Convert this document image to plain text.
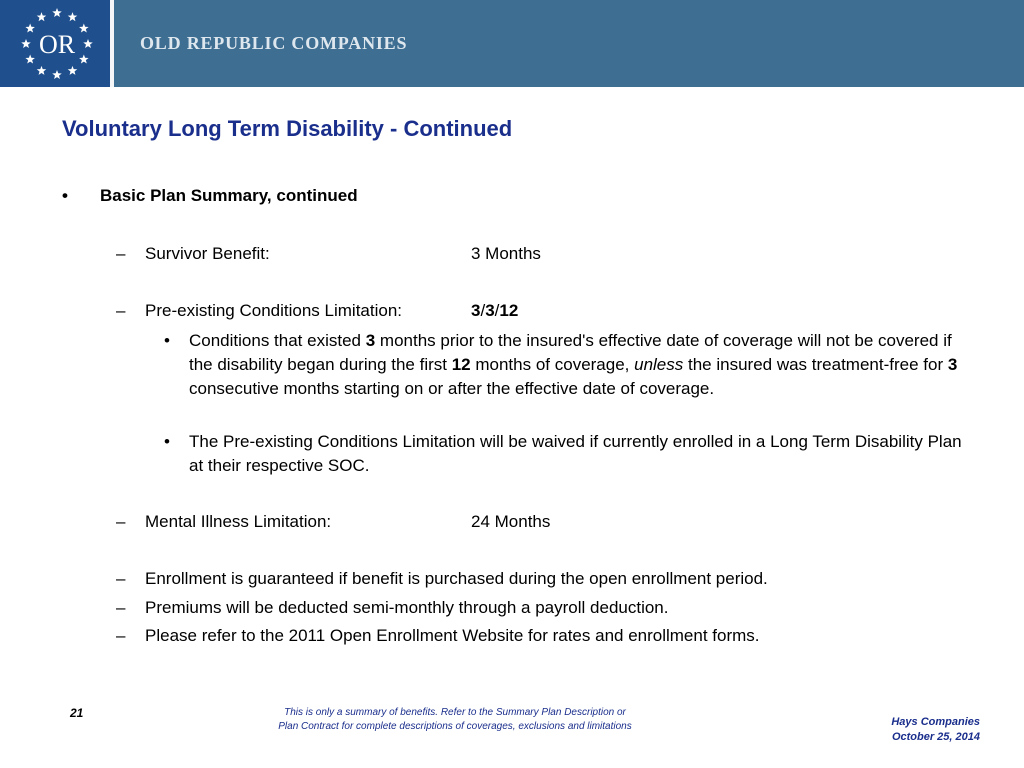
OR	OLD REPUBLIC COMPANIES
Voluntary Long Term Disability - Continued
• Basic Plan Summary, continued
– Survivor Benefit:	3 Months
– Pre-existing Conditions Limitation:	3/3/12
• Conditions that existed 3 months prior to the insured's effective date of coverage will not be covered if the disability began during the first 12 months of coverage, unless the insured was treatment-free for 3 consecutive months starting on or after the effective date of coverage.
• The Pre-existing Conditions Limitation will be waived if currently enrolled in a Long Term Disability Plan at their respective SOC.
– Mental Illness Limitation:	24 Months
– Enrollment is guaranteed if benefit is purchased during the open enrollment period.
– Premiums will be deducted semi-monthly through a payroll deduction.
– Please refer to the 2011 Open Enrollment Website for rates and enrollment forms.
21	This is only a summary of benefits. Refer to the Summary Plan Description or
Plan Contract for complete descriptions of coverages, exclusions and limitations	Hays Companies
October 25, 2014
